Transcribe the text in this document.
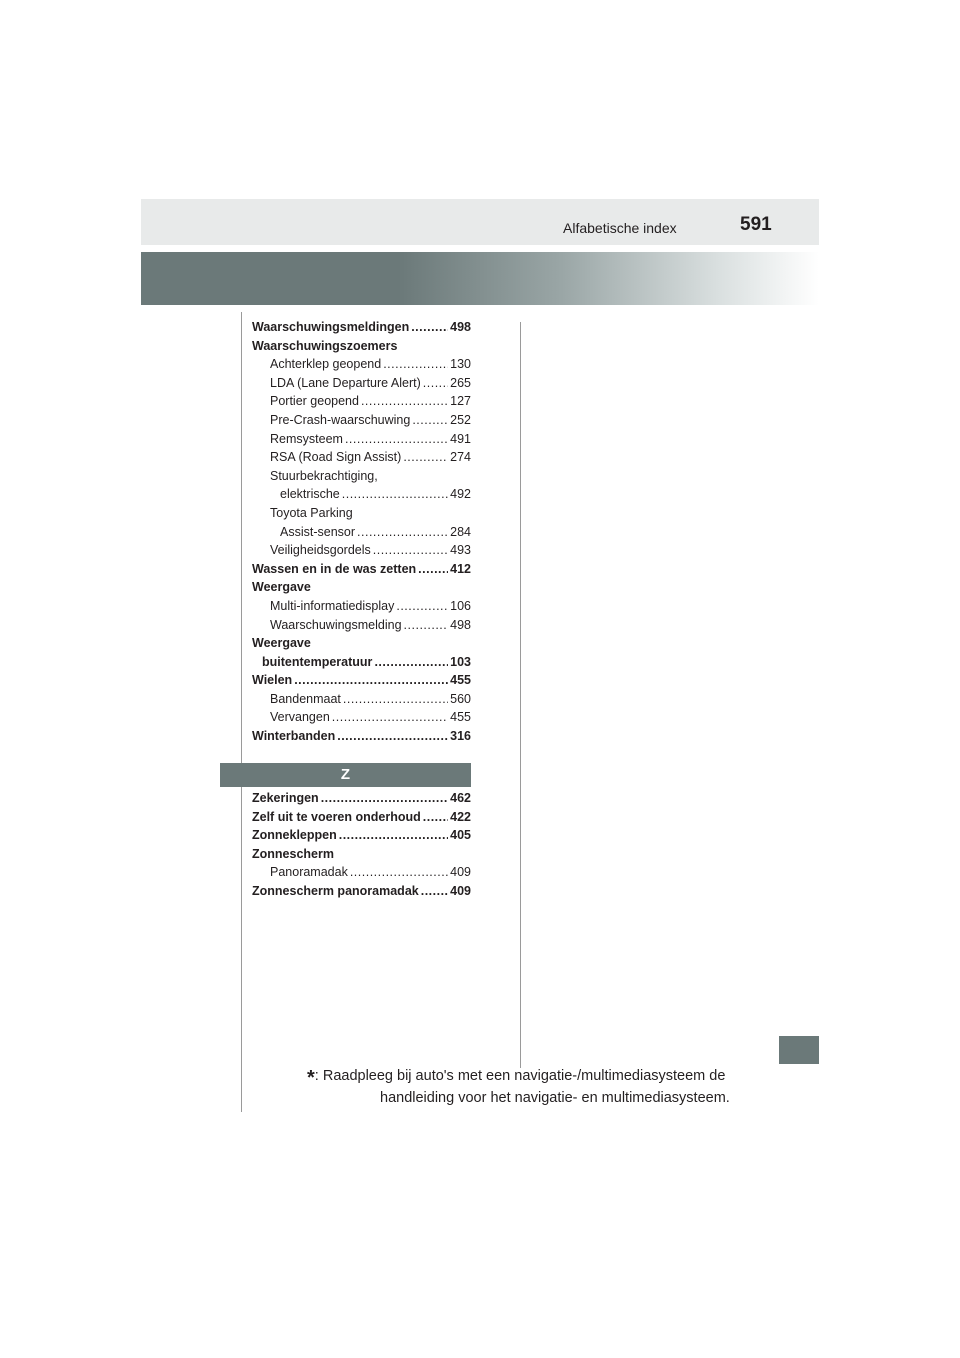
Alfabetische index	591
Waarschuwingsmeldingen .....	498
Waarschuwingszoemers
Achterklep geopend .....	130
LDA (Lane Departure Alert) ..... 265
Portier geopend .....	127
Pre-Crash-waarschuwing .....	252
Remsysteem .....	491
RSA (Road Sign Assist) .....	274
Stuurbekrachtiging,
elektrische .....	492
Toyota Parking
Assist-sensor .....	284
Veiligheidsgordels .....	493
Wassen en in de was zetten .....	412
Weergave
Multi-informatiedisplay .....	106
Waarschuwingsmelding .....	498
Weergave
buitentemperatuur .....	103
Wielen .....	455
Bandenmaat .....	560
Vervangen .....	455
Winterbanden .....	316
Z
Zekeringen .....	462
Zelf uit te voeren onderhoud ..... 422
Zonnekleppen .....	405
Zonnescherm
Panoramadak .....	409
Zonnescherm panoramadak .....	409
*: Raadpleeg bij auto's met een navigatie-/multimediasysteem de
handleiding voor het navigatie- en multimediasysteem.
